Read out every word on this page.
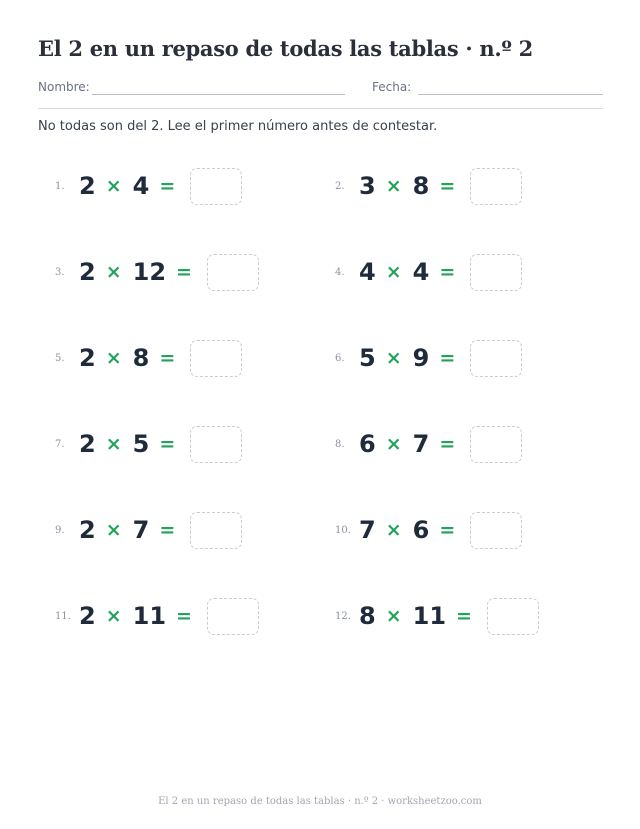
El 2 en un repaso de todas las tablas · n.º 2
Nombre:	Fecha:
No todas son del 2. Lee el primer número antes de contestar.
1. 2 × 4 =	2. 3 × 8 =
3. 2 × 12 =	4. 4 × 4 =
5. 2 × 8 =	6. 5 × 9 =
7. 2 × 5 =	8. 6 × 7 =
9. 2 × 7 =	10. 7 × 6 =
11. 2 × 11 =	12. 8 × 11 =
El 2 en un repaso de todas las tablas · n.º 2 · worksheetzoo.com
